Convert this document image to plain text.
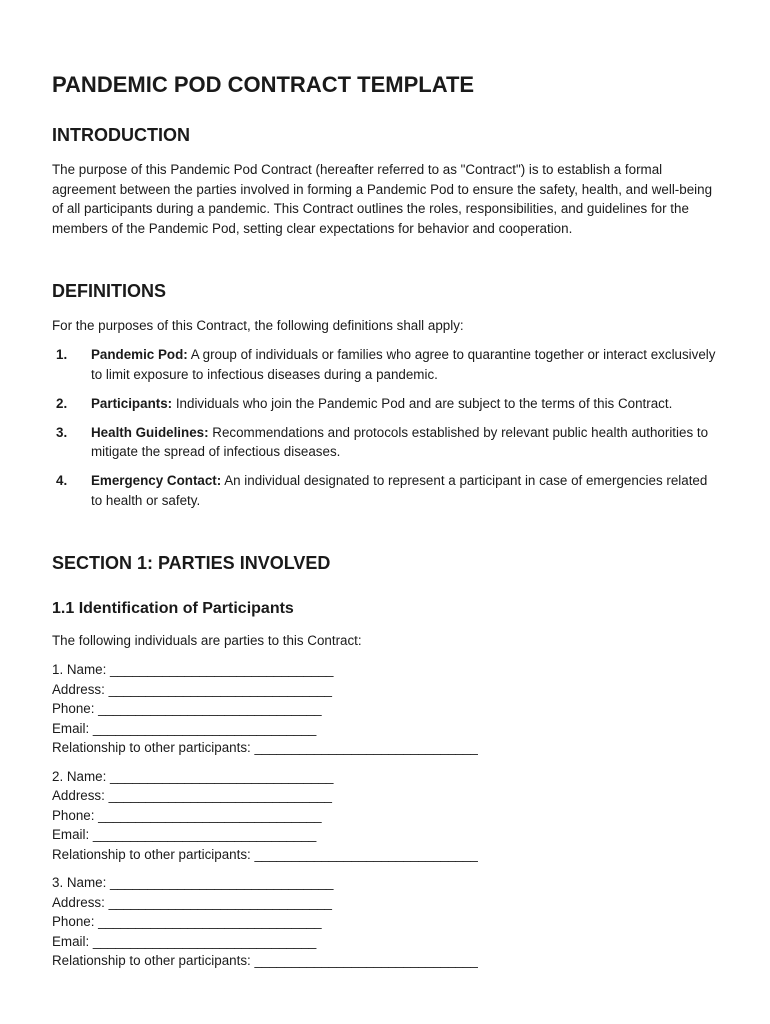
PANDEMIC POD CONTRACT TEMPLATE
INTRODUCTION

The purpose of this Pandemic Pod Contract (hereafter referred to as "Contract") is to establish a formal agreement between the parties involved in forming a Pandemic Pod to ensure the safety, health, and well-being of all participants during a pandemic. This Contract outlines the roles, responsibilities, and guidelines for the members of the Pandemic Pod, setting clear expectations for behavior and cooperation.

DEFINITIONS

For the purposes of this Contract, the following definitions shall apply:

1. Pandemic Pod: A group of individuals or families who agree to quarantine together or interact exclusively to limit exposure to infectious diseases during a pandemic.
2. Participants: Individuals who join the Pandemic Pod and are subject to the terms of this Contract.
3. Health Guidelines: Recommendations and protocols established by relevant public health authorities to mitigate the spread of infectious diseases.
4. Emergency Contact: An individual designated to represent a participant in case of emergencies related to health or safety.
SECTION 1: PARTIES INVOLVED
1.1 Identification of Participants

The following individuals are parties to this Contract:

1. Name: ______________________________
Address: ______________________________
Phone: ______________________________
Email: ______________________________
Relationship to other participants: ______________________________
2. Name: ______________________________
Address: ______________________________
Phone: ______________________________
Email: ______________________________
Relationship to other participants: ______________________________
3. Name: ______________________________
Address: ______________________________
Phone: ______________________________
Email: ______________________________
Relationship to other participants: ______________________________
